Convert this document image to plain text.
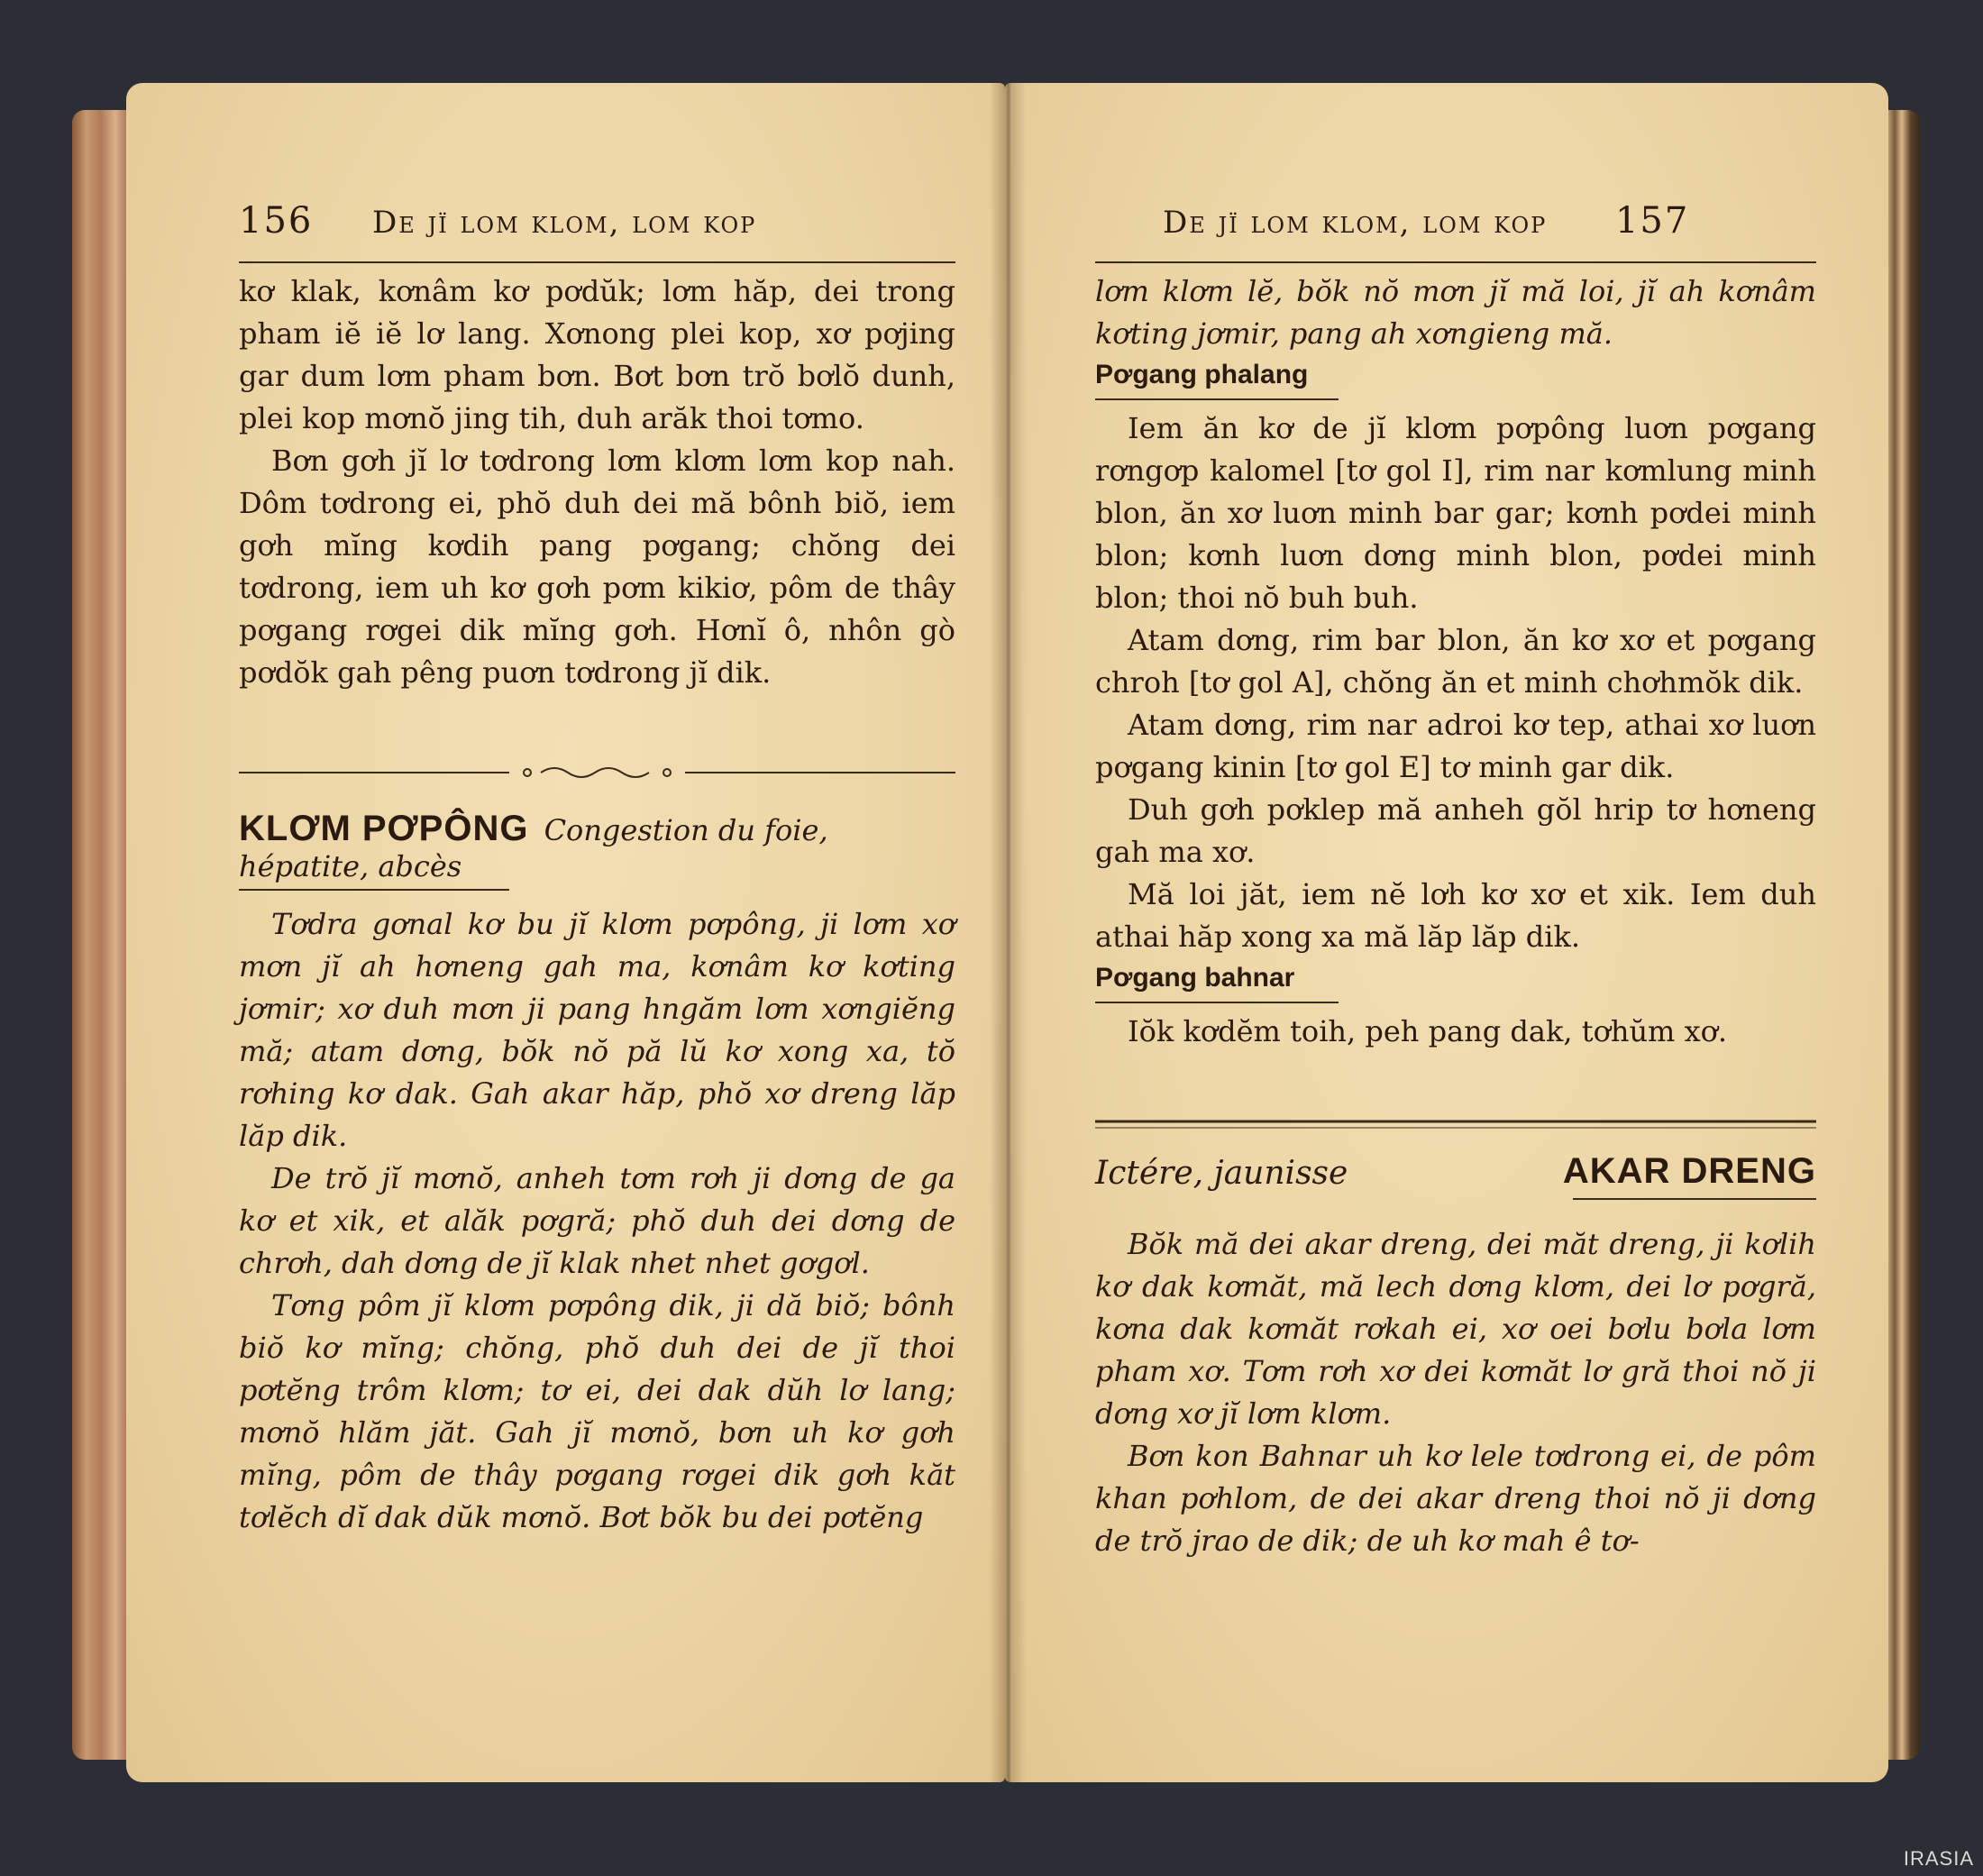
156 De jï lom klom, lom kop

kơ klak, kơnâm kơ pơdŭk; lơm hăp, dei trong pham iĕ iĕ lơ lang. Xơnong plei kop, xơ pơjing gar dum lơm pham bơn. Bơt bơn trŏ bơlŏ dunh, plei kop mơnŏ jing tih, duh arăk thoi tơmo.

Bơn gơh jĭ lơ tơdrong lơm klơm lơm kop nah. Dôm tơdrong ei, phŏ duh dei mă bônh biŏ, iem gơh mĭng kơdih pang pơgang; chŏng dei tơdrong, iem uh kơ gơh pơm kikiơ, pôm de thây pơgang rơgei dik mĭng gơh. Hơnĭ ô, nhôn gò pơdŏk gah pêng puơn tơdrong jĭ dik.

KLƠM PƠPÔNG Congestion du foie, hépatite, abcès

Tơdra gơnal kơ bu jĭ klơm pơpông, ji lơm xơ mơn jĭ ah hơneng gah ma, kơnâm kơ kơting jơmir; xơ duh mơn ji pang hngăm lơm xơngiĕng mă; atam dơng, bŏk nŏ pă lŭ kơ xong xa, tŏ rơhing kơ dak. Gah akar hăp, phŏ xơ dreng lăp lăp dik.

De trŏ jĭ mơnŏ, anheh tơm rơh ji dơng de ga kơ et xik, et alăk pơgră; phŏ duh dei dơng de chrơh, dah dơng de jĭ klak nhet nhet gơgơl.

Tơng pôm jĭ klơm pơpông dik, ji dă biŏ; bônh biŏ kơ mĭng; chŏng, phŏ duh dei de jĭ thoi pơtĕng trôm klơm; tơ ei, dei dak dŭh lơ lang; mơnŏ hlăm jăt. Gah jĭ mơnŏ, bơn uh kơ gơh mĭng, pôm de thây pơgang rơgei dik gơh kăt tơlĕch dĭ dak dŭk mơnŏ. Bơt bŏk bu dei pơtĕng

De jï lom klom, lom kop 157

lơm klơm lĕ, bŏk nŏ mơn jĭ mă loi, jĭ ah kơnâm kơting jơmir, pang ah xơngieng mă.

Pơgang phalang

Iem ăn kơ de jĭ klơm pơpông luơn pơgang rơngơp kalomel [tơ gol I], rim nar kơmlung minh blon, ăn xơ luơn minh bar gar; kơnh pơdei minh blon; kơnh luơn dơng minh blon, pơdei minh blon; thoi nŏ buh buh.

Atam dơng, rim bar blon, ăn kơ xơ et pơgang chroh [tơ gol A], chŏng ăn et minh chơhmŏk dik.

Atam dơng, rim nar adroi kơ tep, athai xơ luơn pơgang kinin [tơ gol E] tơ minh gar dik.

Duh gơh pơklep mă anheh gŏl hrip tơ hơneng gah ma xơ.

Mă loi jăt, iem nĕ lơh kơ xơ et xik. Iem duh athai hăp xong xa mă lăp lăp dik.

Pơgang bahnar

Iŏk kơdĕm toih, peh pang dak, tơhŭm xơ.

Ictére, jaunisse	AKAR DRENG

Bŏk mă dei akar dreng, dei măt dreng, ji kơlih kơ dak kơmăt, mă lech dơng klơm, dei lơ pơgră, kơna dak kơmăt rơkah ei, xơ oei bơlu bơla lơm pham xơ. Tơm rơh xơ dei kơmăt lơ gră thoi nŏ ji dơng xơ jĭ lơm klơm.

Bơn kon Bahnar uh kơ lele tơdrong ei, de pôm khan pơhlom, de dei akar dreng thoi nŏ ji dơng de trŏ jrao de dik; de uh kơ mah ê tơ-

IRASIA
